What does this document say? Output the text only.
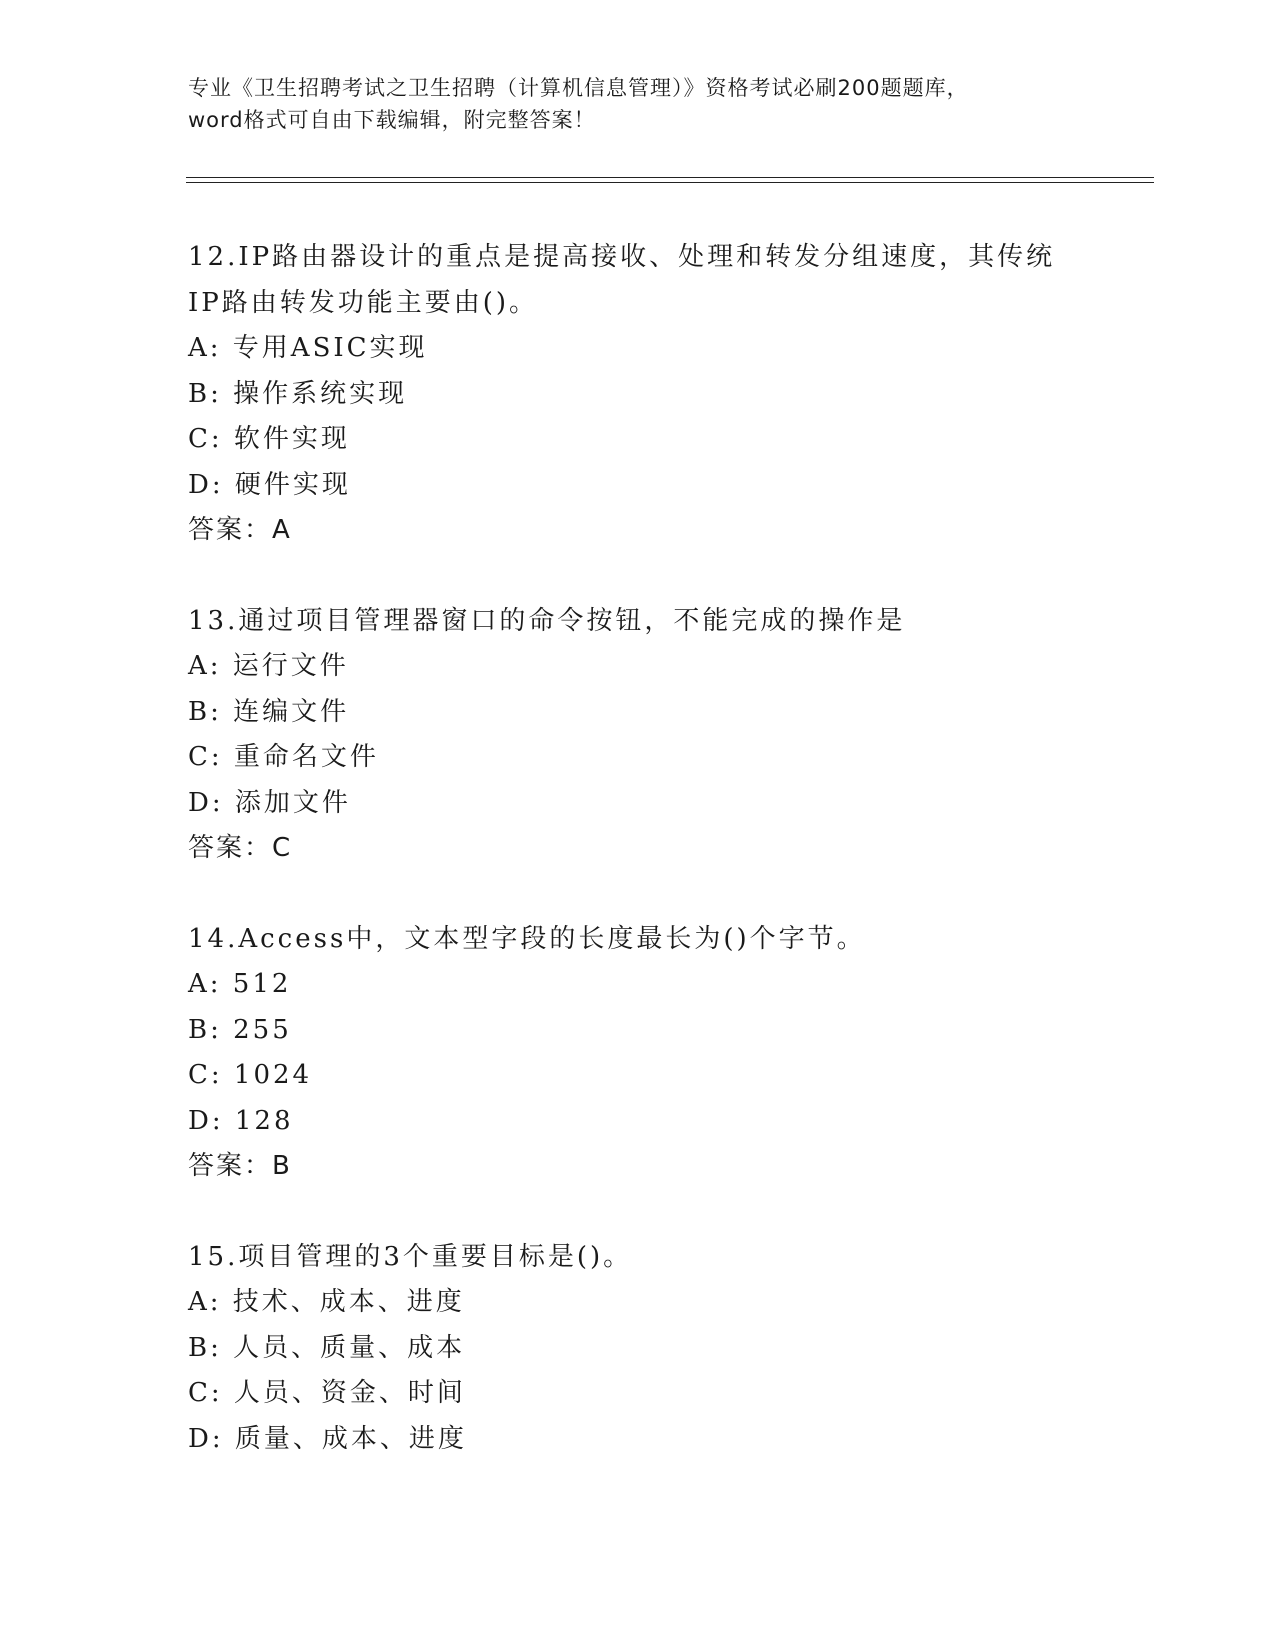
专业《卫生招聘考试之卫生招聘（计算机信息管理）》资格考试必刷200题题库，
word格式可自由下载编辑，附完整答案！
12.IP路由器设计的重点是提高接收、处理和转发分组速度，其传统
IP路由转发功能主要由()。
A: 专用ASIC实现
B: 操作系统实现
C: 软件实现
D: 硬件实现
答案：A
13.通过项目管理器窗口的命令按钮，不能完成的操作是
A: 运行文件
B: 连编文件
C: 重命名文件
D: 添加文件
答案：C
14.Access中，文本型字段的长度最长为()个字节。
A: 512
B: 255
C: 1024
D: 128
答案：B
15.项目管理的3个重要目标是()。
A: 技术、成本、进度
B: 人员、质量、成本
C: 人员、资金、时间
D: 质量、成本、进度
